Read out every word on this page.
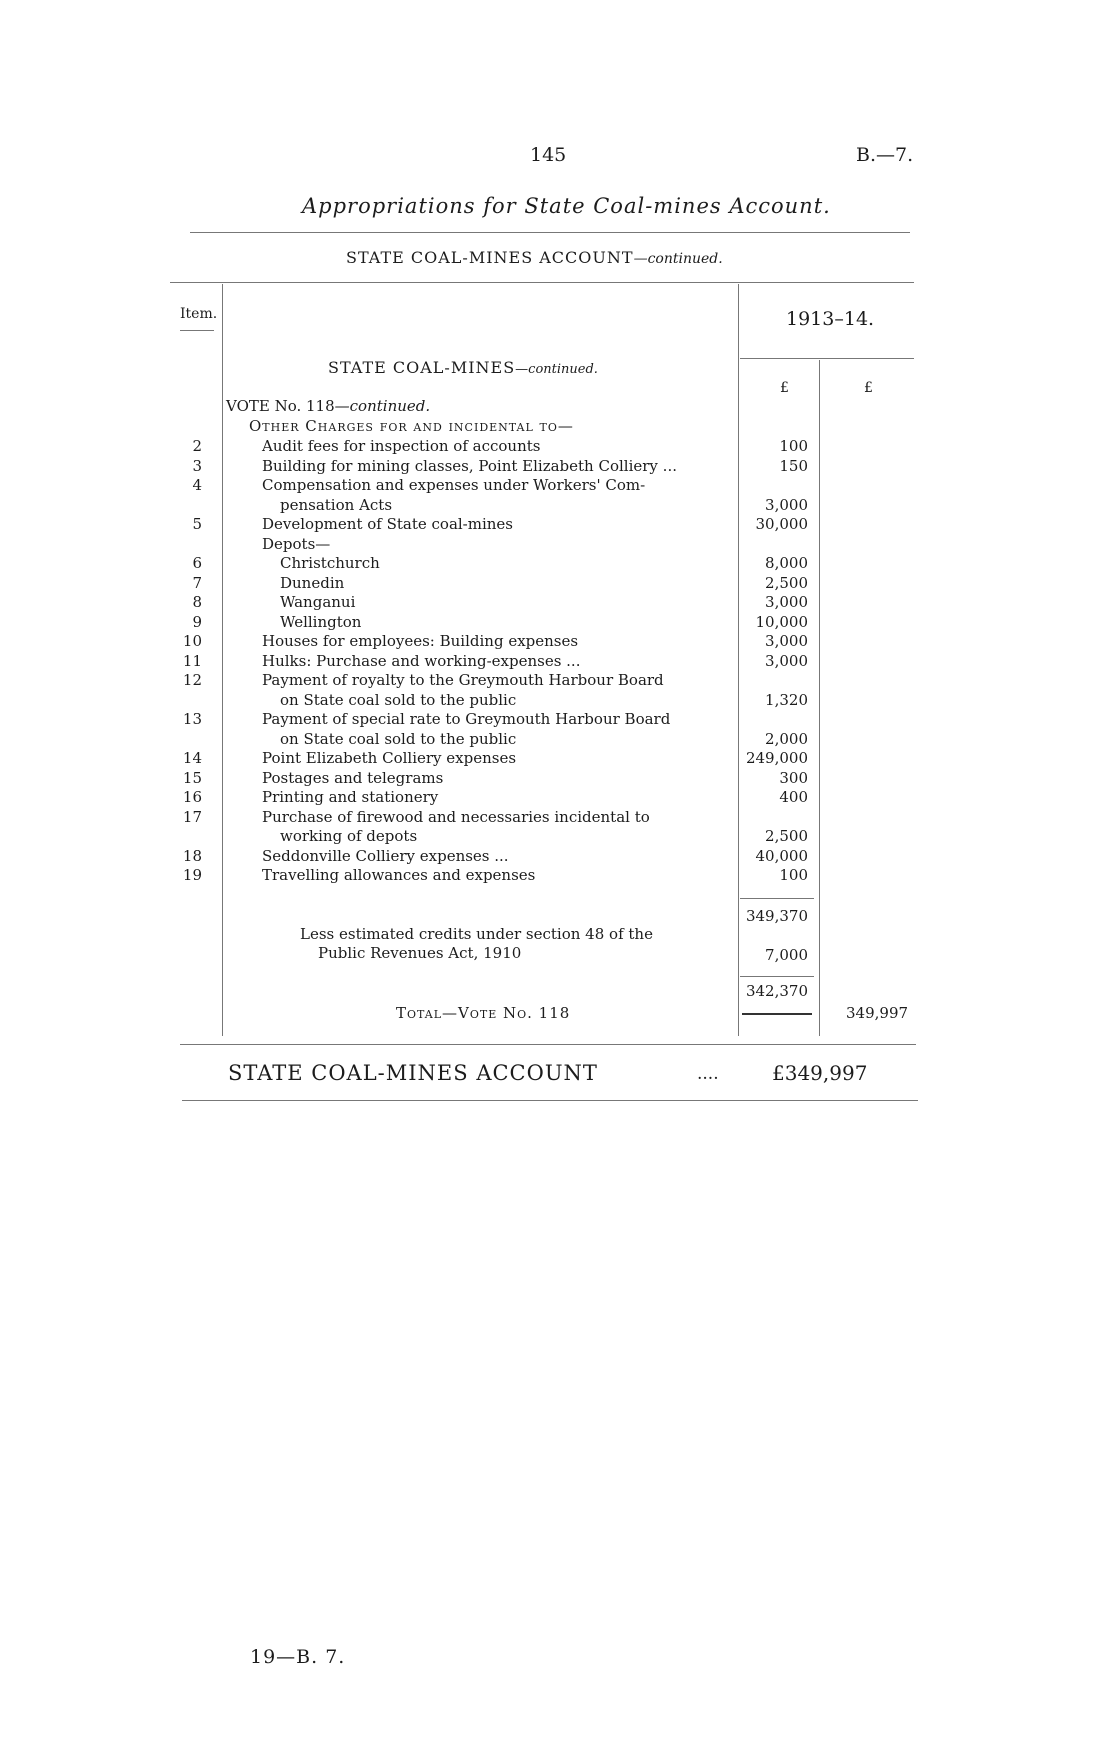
145	B.—7.
Appropriations for State Coal-mines Account.
STATE COAL-MINES ACCOUNT—continued.
Item.	1913–14.
£	£
STATE COAL-MINES—continued.
VOTE No. 118—continued.
Other Charges for and incidental to—
2	Audit fees for inspection of accounts	100
3	Building for mining classes, Point Elizabeth Colliery ...	150
4	Compensation and expenses under Workers' Com-
pensation Acts	3,000
5	Development of State coal-mines	30,000
Depots—
6	Christchurch	8,000
7	Dunedin	2,500
8	Wanganui	3,000
9	Wellington	10,000
10	Houses for employees: Building expenses	3,000
11	Hulks: Purchase and working-expenses ...	3,000
12	Payment of royalty to the Greymouth Harbour Board
on State coal sold to the public	1,320
13	Payment of special rate to Greymouth Harbour Board
on State coal sold to the public	2,000
14	Point Elizabeth Colliery expenses	249,000
15	Postages and telegrams	300
16	Printing and stationery	400
17	Purchase of firewood and necessaries incidental to
working of depots	2,500
18	Seddonville Colliery expenses ...	40,000
19	Travelling allowances and expenses	100
349,370
Less estimated credits under section 48 of the
Public Revenues Act, 1910	7,000
342,370
Total—Vote No. 118	349,997
STATE COAL-MINES ACCOUNT	....	£349,997
19—B. 7.
